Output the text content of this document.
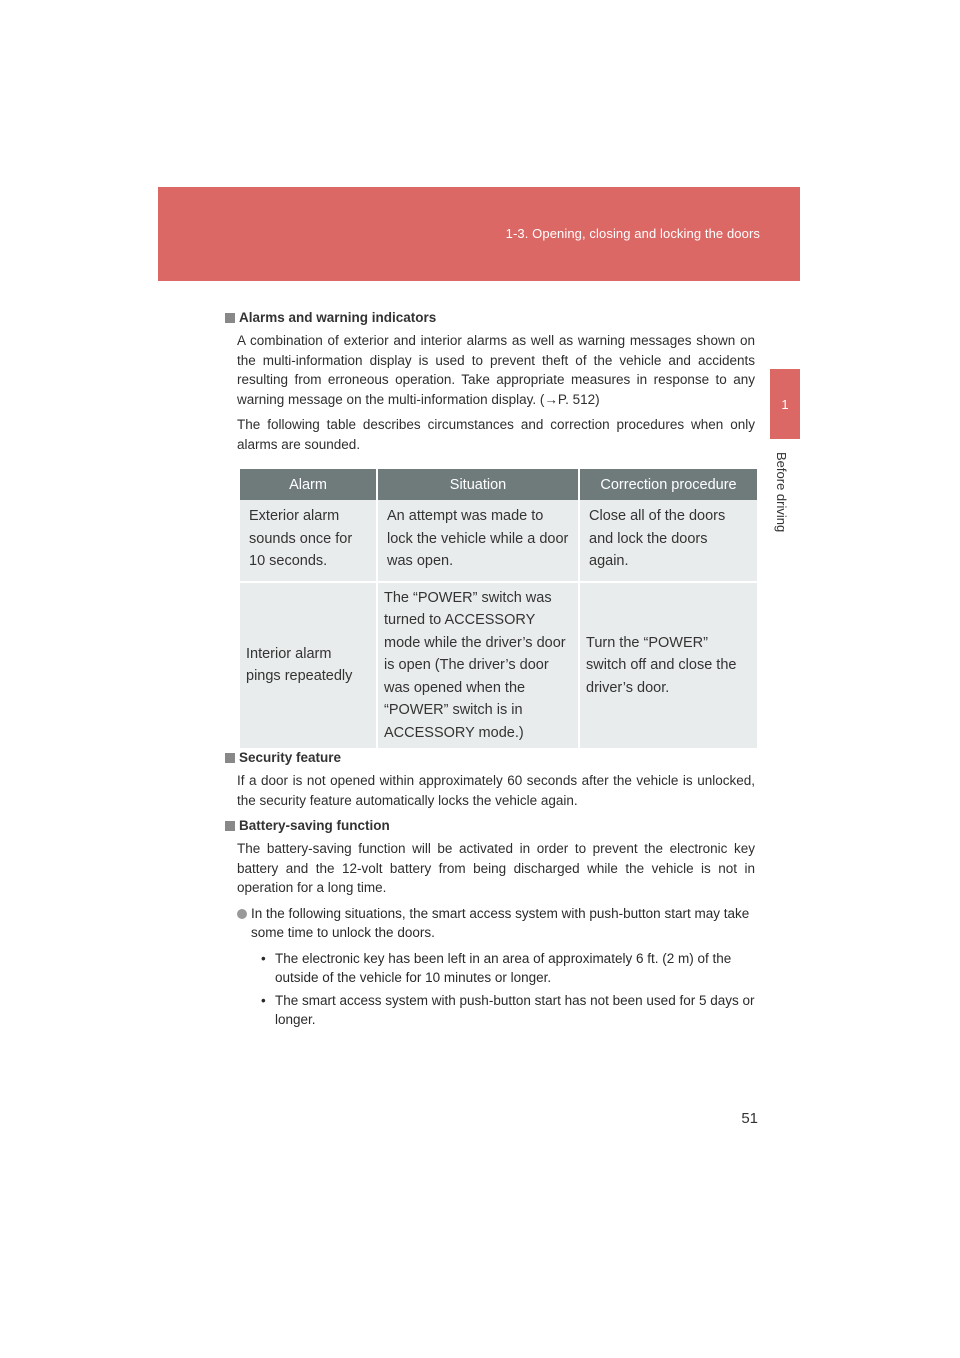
1-3. Opening, closing and locking the doors
1
Before driving
Alarms and warning indicators

A combination of exterior and interior alarms as well as warning messages shown on the multi-information display is used to prevent theft of the vehicle and accidents resulting from erroneous operation. Take appropriate measures in response to any warning message on the multi-information display. (→P. 512)

The following table describes circumstances and correction procedures when only alarms are sounded.

Alarm	Situation	Correction procedure
Exterior alarm sounds once for 10 seconds.	An attempt was made to lock the vehicle while a door was open.	Close all of the doors and lock the doors again.
Interior alarm pings repeatedly	The “POWER” switch was turned to ACCESSORY mode while the driver’s door is open (The driver’s door was opened when the “POWER” switch is in ACCESSORY mode.)	Turn the “POWER” switch off and close the driver’s door.
Security feature

If a door is not opened within approximately 60 seconds after the vehicle is unlocked, the security feature automatically locks the vehicle again.

Battery-saving function

The battery-saving function will be activated in order to prevent the electronic key battery and the 12-volt battery from being discharged while the vehicle is not in operation for a long time.

In the following situations, the smart access system with push-button start may take some time to unlock the doors.
• The electronic key has been left in an area of approximately 6 ft. (2 m) of the outside of the vehicle for 10 minutes or longer.
• The smart access system with push-button start has not been used for 5 days or longer.
51
